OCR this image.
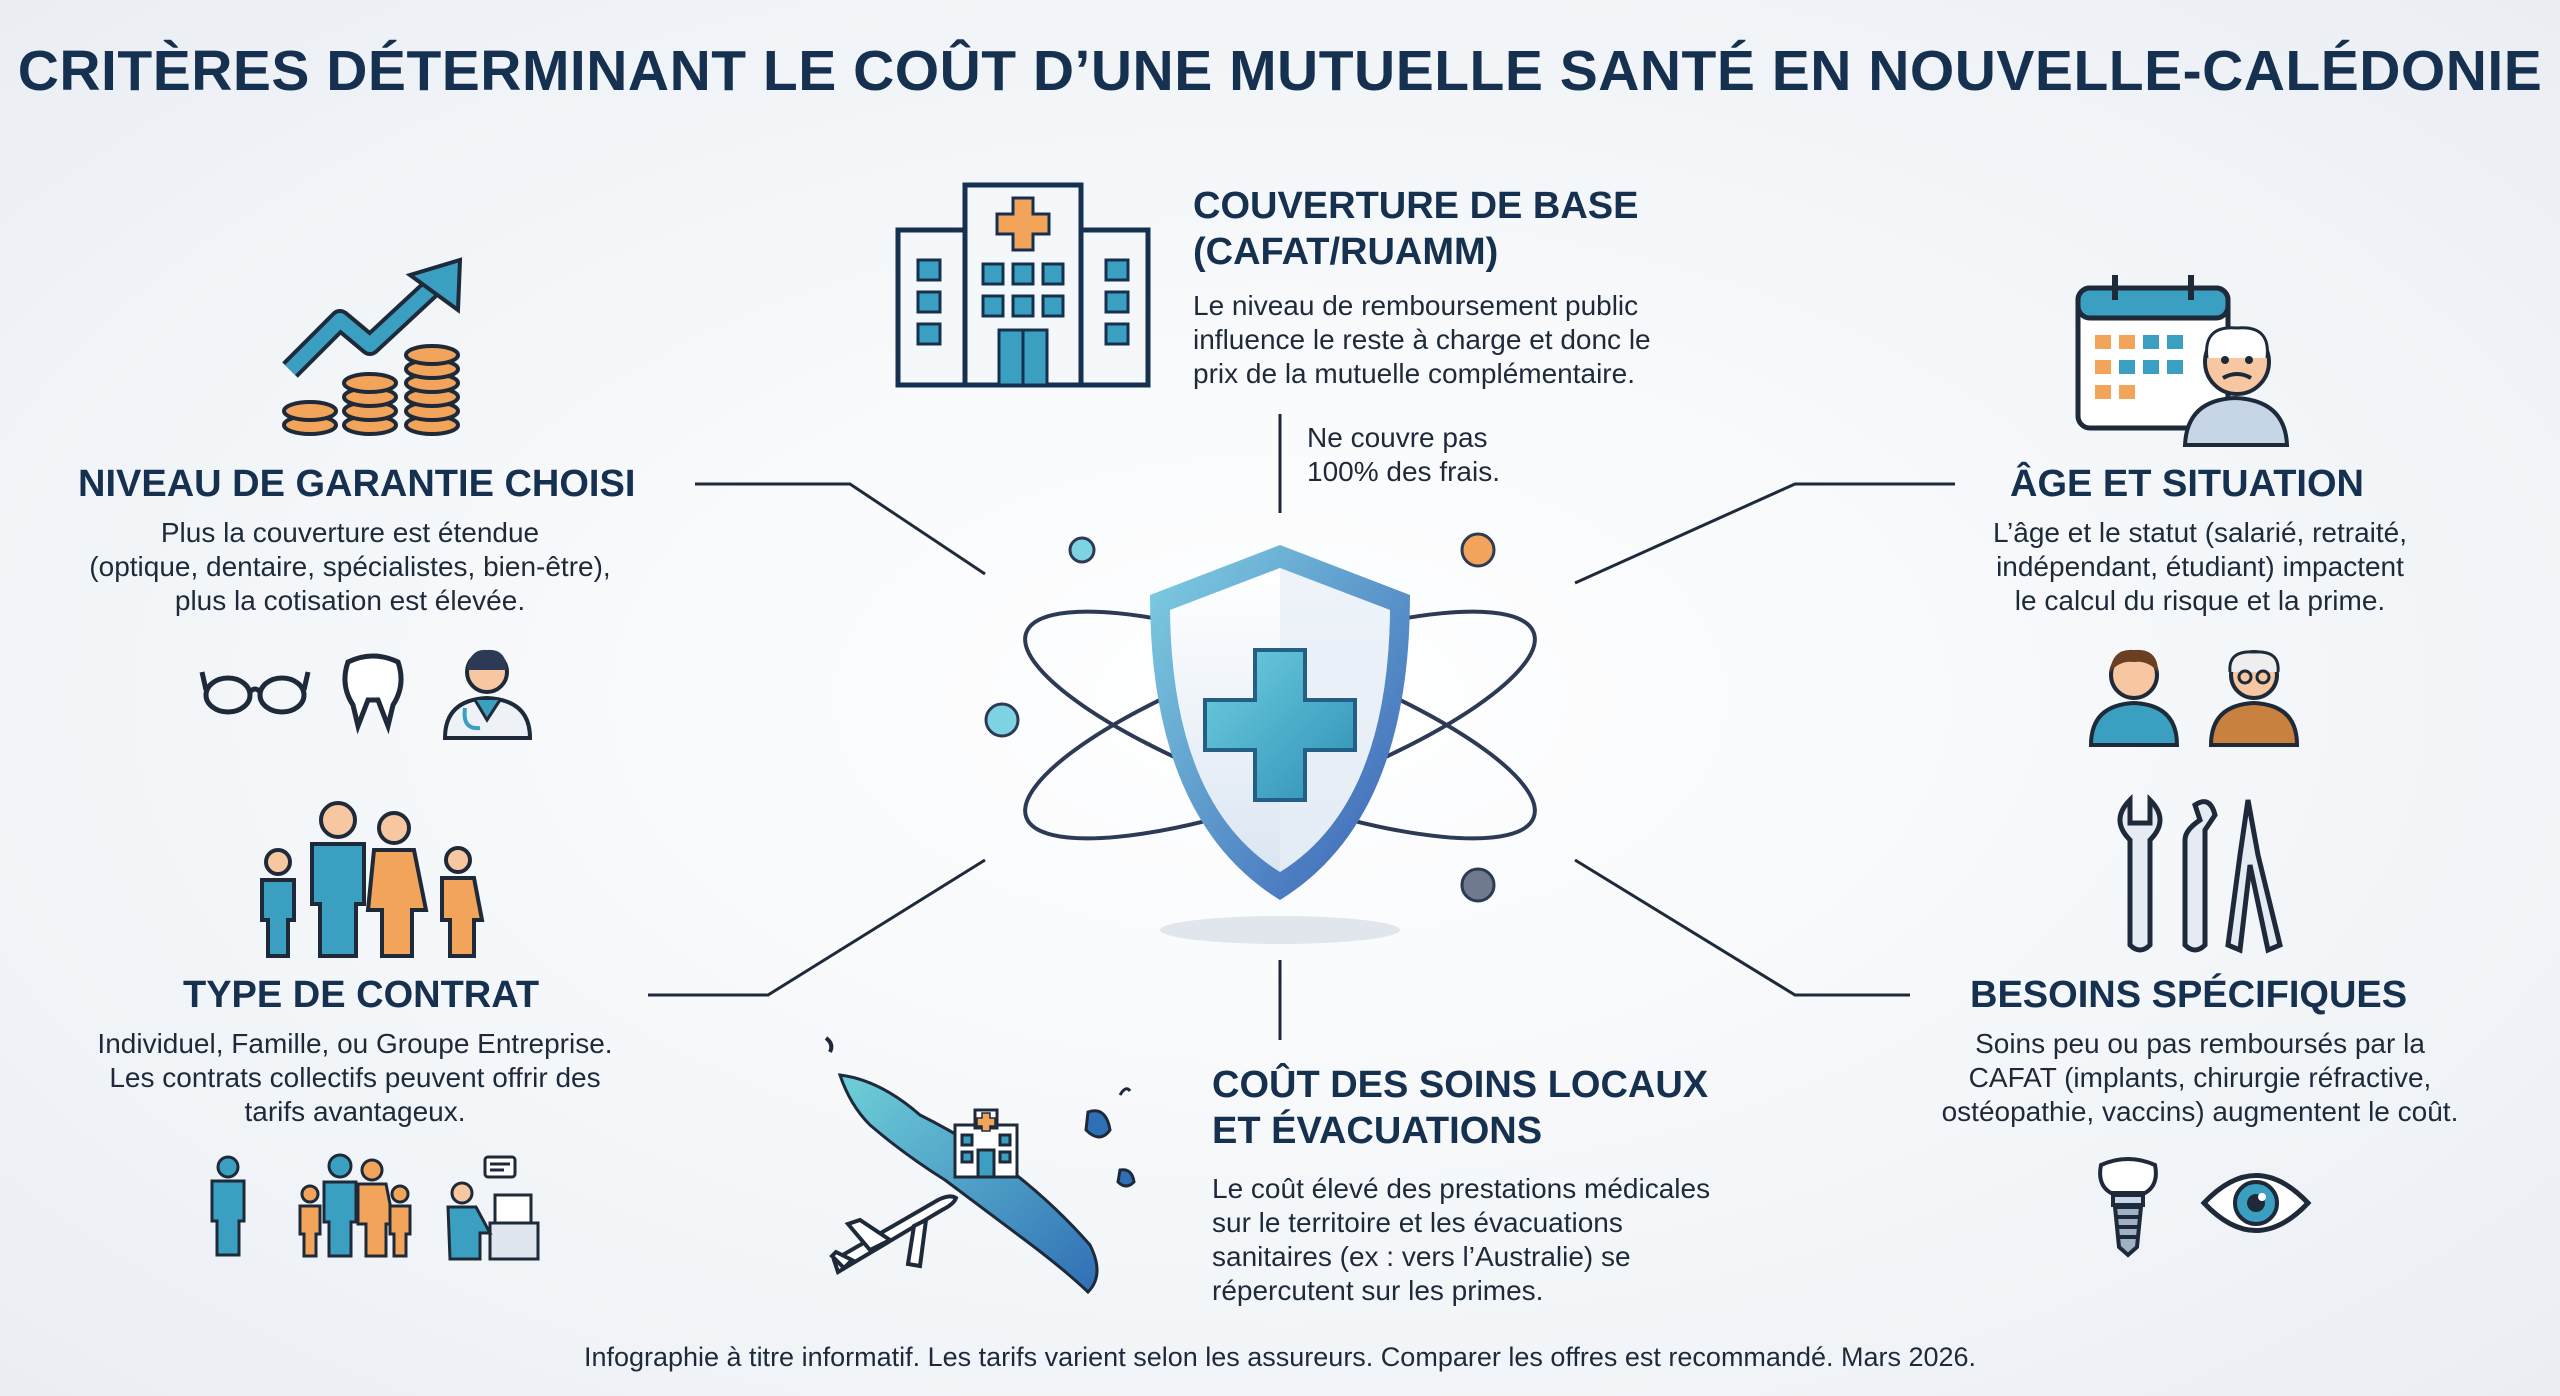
CRITÈRES DÉTERMINANT LE COÛT D’UNE MUTUELLE SANTÉ EN NOUVELLE-CALÉDONIE

COUVERTURE DE BASE

(CAFAT/RUAMM)

Le niveau de remboursement public
influence le reste à charge et donc le
prix de la mutuelle complémentaire.

Ne couvre pas
100% des frais.

NIVEAU DE GARANTIE CHOISI

Plus la couverture est étendue
(optique, dentaire, spécialistes, bien-être),
plus la cotisation est élevée.

ÂGE ET SITUATION

L’âge et le statut (salarié, retraité,
indépendant, étudiant) impactent
le calcul du risque et la prime.

TYPE DE CONTRAT

Individuel, Famille, ou Groupe Entreprise.
Les contrats collectifs peuvent offrir des
tarifs avantageux.

BESOINS SPÉCIFIQUES

Soins peu ou pas remboursés par la
CAFAT (implants, chirurgie réfractive,
ostéopathie, vaccins) augmentent le coût.

COÛT DES SOINS LOCAUX

ET ÉVACUATIONS

Le coût élevé des prestations médicales
sur le territoire et les évacuations
sanitaires (ex : vers l’Australie) se
répercutent sur les primes.

Infographie à titre informatif. Les tarifs varient selon les assureurs. Comparer les offres est recommandé. Mars 2026.
